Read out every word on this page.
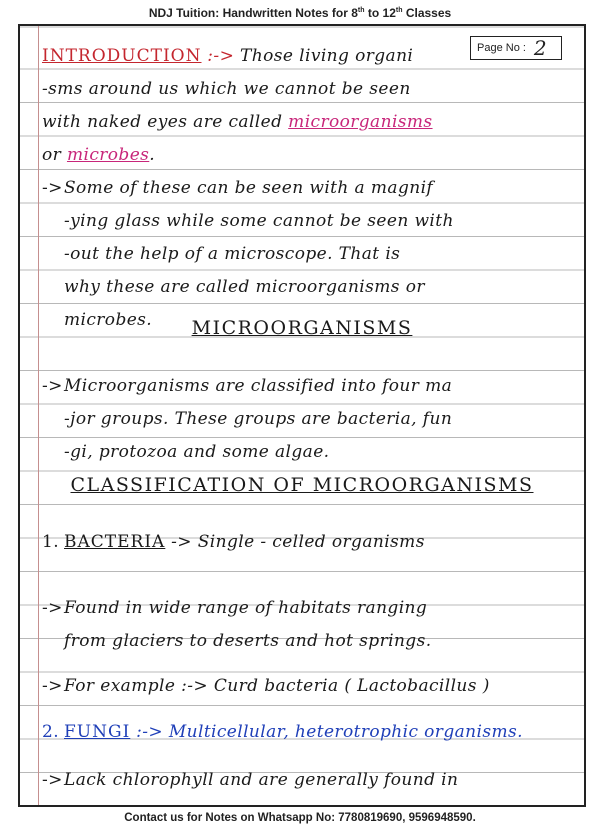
NDJ Tuition: Handwritten Notes for 8th to 12th Classes
Page No : 2
INTRODUCTION :-> Those living organi
-sms around us which we cannot be seen
with naked eyes are called microorganisms
or microbes.
->Some of these can be seen with a magnif
-ying glass while some cannot be seen with
-out the help of a microscope. That is
why these are called microorganisms or
microbes.	MICROORGANISMS
->Microorganisms are classified into four ma
-jor groups. These groups are bacteria, fun
-gi, protozoa and some algae.
CLASSIFICATION OF MICROORGANISMS
1. BACTERIA -> Single - celled organisms
->Found in wide range of habitats ranging
from glaciers to deserts and hot springs.
->For example :-> Curd bacteria ( Lactobacillus )
2. FUNGI :-> Multicellular, heterotrophic organisms.
->Lack chlorophyll and are generally found in
Contact us for Notes on Whatsapp No: 7780819690, 9596948590.
